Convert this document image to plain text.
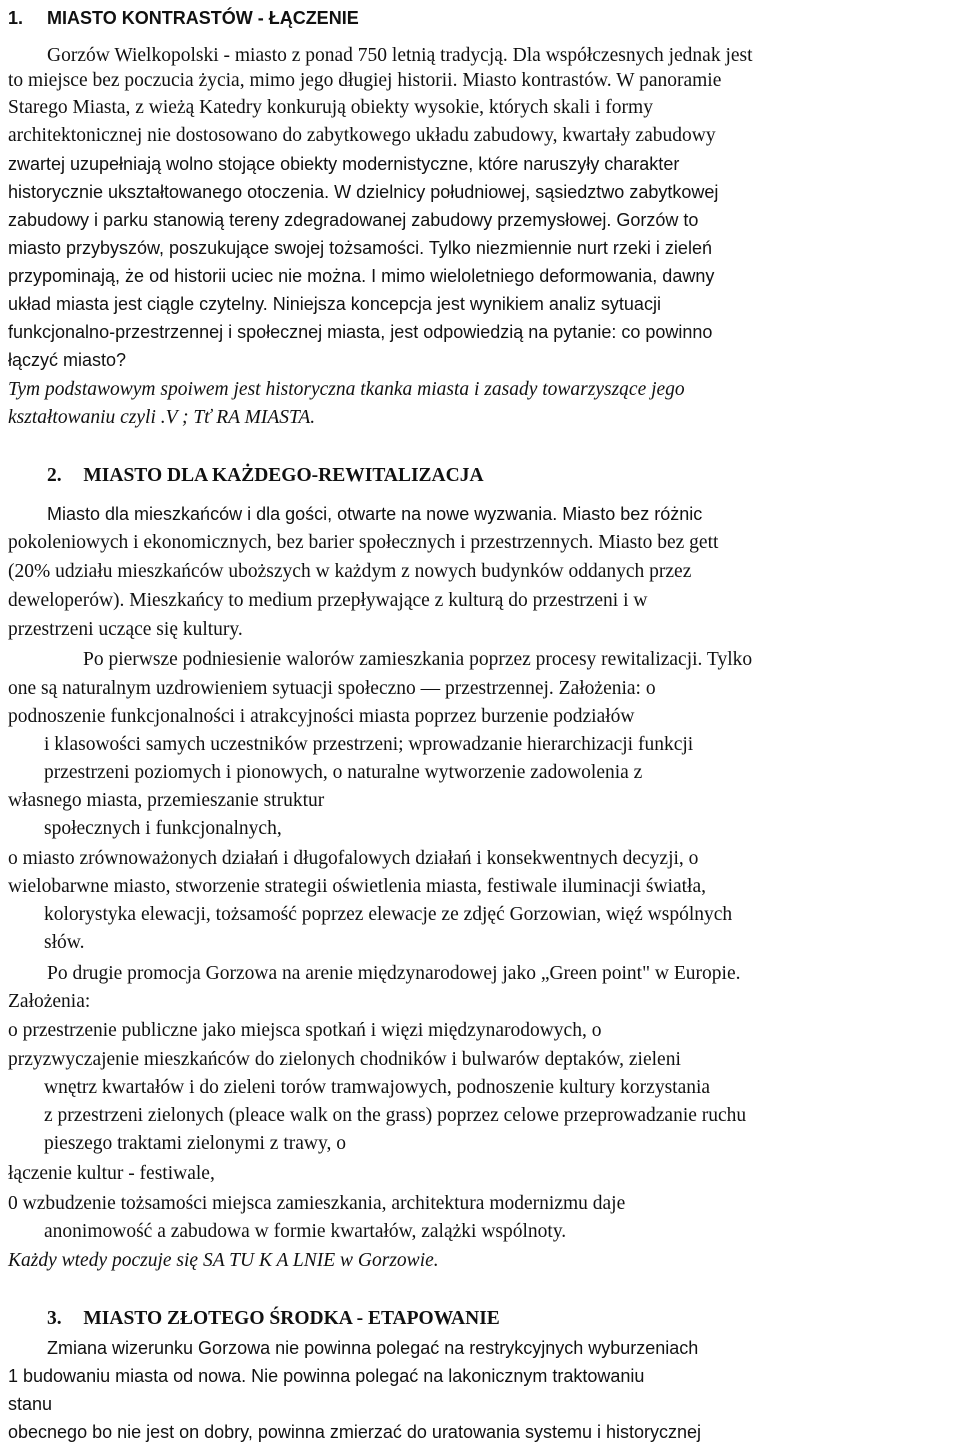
1. MIASTO KONTRASTÓW - ŁĄCZENIE
Gorzów Wielkopolski - miasto z ponad 750 letnią tradycją. Dla współczesnych jednak jest
to miejsce bez poczucia życia, mimo jego długiej historii. Miasto kontrastów. W panoramie
Starego Miasta, z wieżą Katedry konkurują obiekty wysokie, których skali i formy
architektonicznej nie dostosowano do zabytkowego układu zabudowy, kwartały zabudowy
zwartej uzupełniają wolno stojące obiekty modernistyczne, które naruszyły charakter
historycznie ukształtowanego otoczenia. W dzielnicy południowej, sąsiedztwo zabytkowej
zabudowy i parku stanowią tereny zdegradowanej zabudowy przemysłowej. Gorzów to
miasto przybyszów, poszukujące swojej tożsamości. Tylko niezmiennie nurt rzeki i zieleń
przypominają, że od historii uciec nie można. I mimo wieloletniego deformowania, dawny
układ miasta jest ciągle czytelny. Niniejsza koncepcja jest wynikiem analiz sytuacji
funkcjonalno-przestrzennej i społecznej miasta, jest odpowiedzią na pytanie: co powinno
łączyć miasto?
Tym podstawowym spoiwem jest historyczna tkanka miasta i zasady towarzyszące jego
kształtowaniu czyli .V ; Tť RA MIASTA.
2. MIASTO DLA KAŻDEGO-REWITALIZACJA
Miasto dla mieszkańców i dla gości, otwarte na nowe wyzwania. Miasto bez różnic
pokoleniowych i ekonomicznych, bez barier społecznych i przestrzennych. Miasto bez gett
(20% udziału mieszkańców uboższych w każdym z nowych budynków oddanych przez
deweloperów). Mieszkańcy to medium przepływające z kulturą do przestrzeni i w
przestrzeni uczące się kultury.
Po pierwsze podniesienie walorów zamieszkania poprzez procesy rewitalizacji. Tylko
one są naturalnym uzdrowieniem sytuacji społeczno — przestrzennej. Założenia: o
podnoszenie funkcjonalności i atrakcyjności miasta poprzez burzenie podziałów
i klasowości samych uczestników przestrzeni; wprowadzanie hierarchizacji funkcji
przestrzeni poziomych i pionowych, o naturalne wytworzenie zadowolenia z
własnego miasta, przemieszanie struktur
społecznych i funkcjonalnych,
o miasto zrównoważonych działań i długofalowych działań i konsekwentnych decyzji, o
wielobarwne miasto, stworzenie strategii oświetlenia miasta, festiwale iluminacji światła,
kolorystyka elewacji, tożsamość poprzez elewacje ze zdjęć Gorzowian, więź wspólnych
słów.
Po drugie promocja Gorzowa na arenie międzynarodowej jako „Green point" w Europie.
Założenia:
o przestrzenie publiczne jako miejsca spotkań i więzi międzynarodowych, o
przyzwyczajenie mieszkańców do zielonych chodników i bulwarów deptaków, zieleni
wnętrz kwartałów i do zieleni torów tramwajowych, podnoszenie kultury korzystania
z przestrzeni zielonych (pleace walk on the grass) poprzez celowe przeprowadzanie ruchu
pieszego traktami zielonymi z trawy, o
łączenie kultur - festiwale,
0 wzbudzenie tożsamości miejsca zamieszkania, architektura modernizmu daje
anonimowość a zabudowa w formie kwartałów, zalążki wspólnoty.
Każdy wtedy poczuje się SA TU K A LNIE w Gorzowie.
3. MIASTO ZŁOTEGO ŚRODKA - ETAPOWANIE
Zmiana wizerunku Gorzowa nie powinna polegać na restrykcyjnych wyburzeniach
1 budowaniu miasta od nowa. Nie powinna polegać na lakonicznym traktowaniu
stanu
obecnego bo nie jest on dobry, powinna zmierzać do uratowania systemu i historycznej
